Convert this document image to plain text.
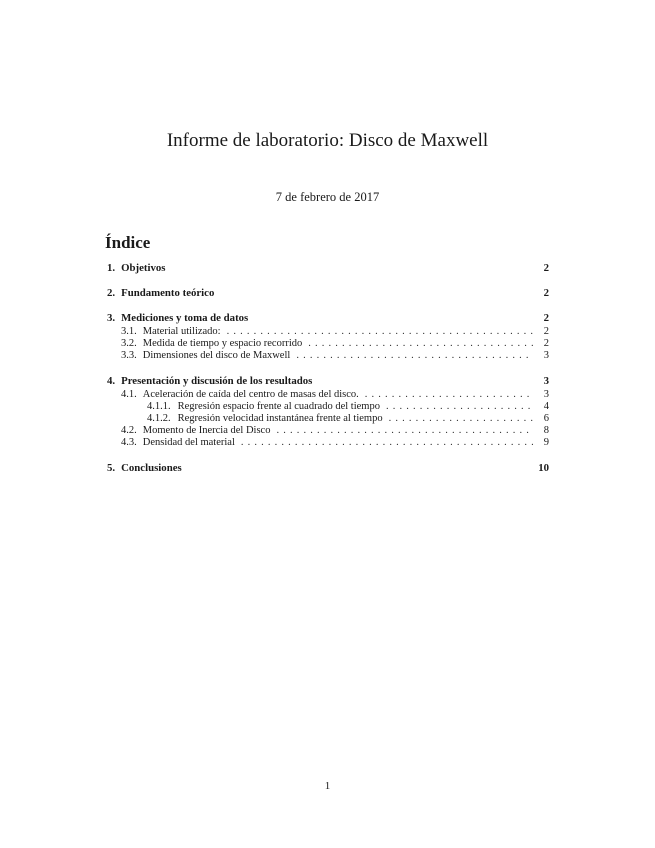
Informe de laboratorio: Disco de Maxwell
7 de febrero de 2017
Índice
1. Objetivos	2
2. Fundamento teórico	2
3. Mediciones y toma de datos	2
3.1. Material utilizado: . . .	2
3.2. Medida de tiempo y espacio recorrido . . .	2
3.3. Dimensiones del disco de Maxwell . . .	3
4. Presentación y discusión de los resultados	3
4.1. Aceleración de caída del centro de masas del disco. . . .	3
4.1.1. Regresión espacio frente al cuadrado del tiempo . . .	4
4.1.2. Regresión velocidad instantánea frente al tiempo . . .	6
4.2. Momento de Inercia del Disco . . .	8
4.3. Densidad del material . . .	9
5. Conclusiones	10
1
